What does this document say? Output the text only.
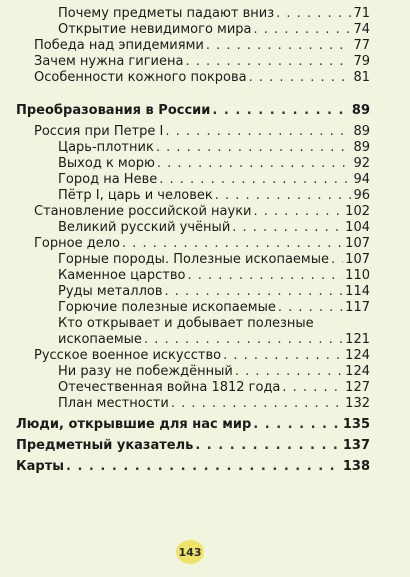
Почему предметы падают вниз . . .	71
Открытие невидимого мира . . .	74
Победа над эпидемиями . . .	77
Зачем нужна гигиена . . .	79
Особенности кожного покрова . . .	81
Преобразования в России . . .	89
Россия при Петре I . . .	89
Царь-плотник . . .	89
Выход к морю . . .	92
Город на Неве . . .	94
Пётр I, царь и человек . . .	96
Становление российской науки . . .	102
Великий русский учёный . . .	104
Горное дело . . .	107
Горные породы. Полезные ископаемые . . . 107
Каменное царство . . .	110
Руды металлов . . .	114
Горючие полезные ископаемые . . .	117
Кто открывает и добывает полезные
ископаемые . . .	121
Русское военное искусство . . .	124
Ни разу не побеждённый . . .	124
Отечественная война 1812 года . . .	127
План местности . . .	132
Люди, открывшие для нас мир . . .	135
Предметный указатель . . .	137
Карты . . .	138
143
